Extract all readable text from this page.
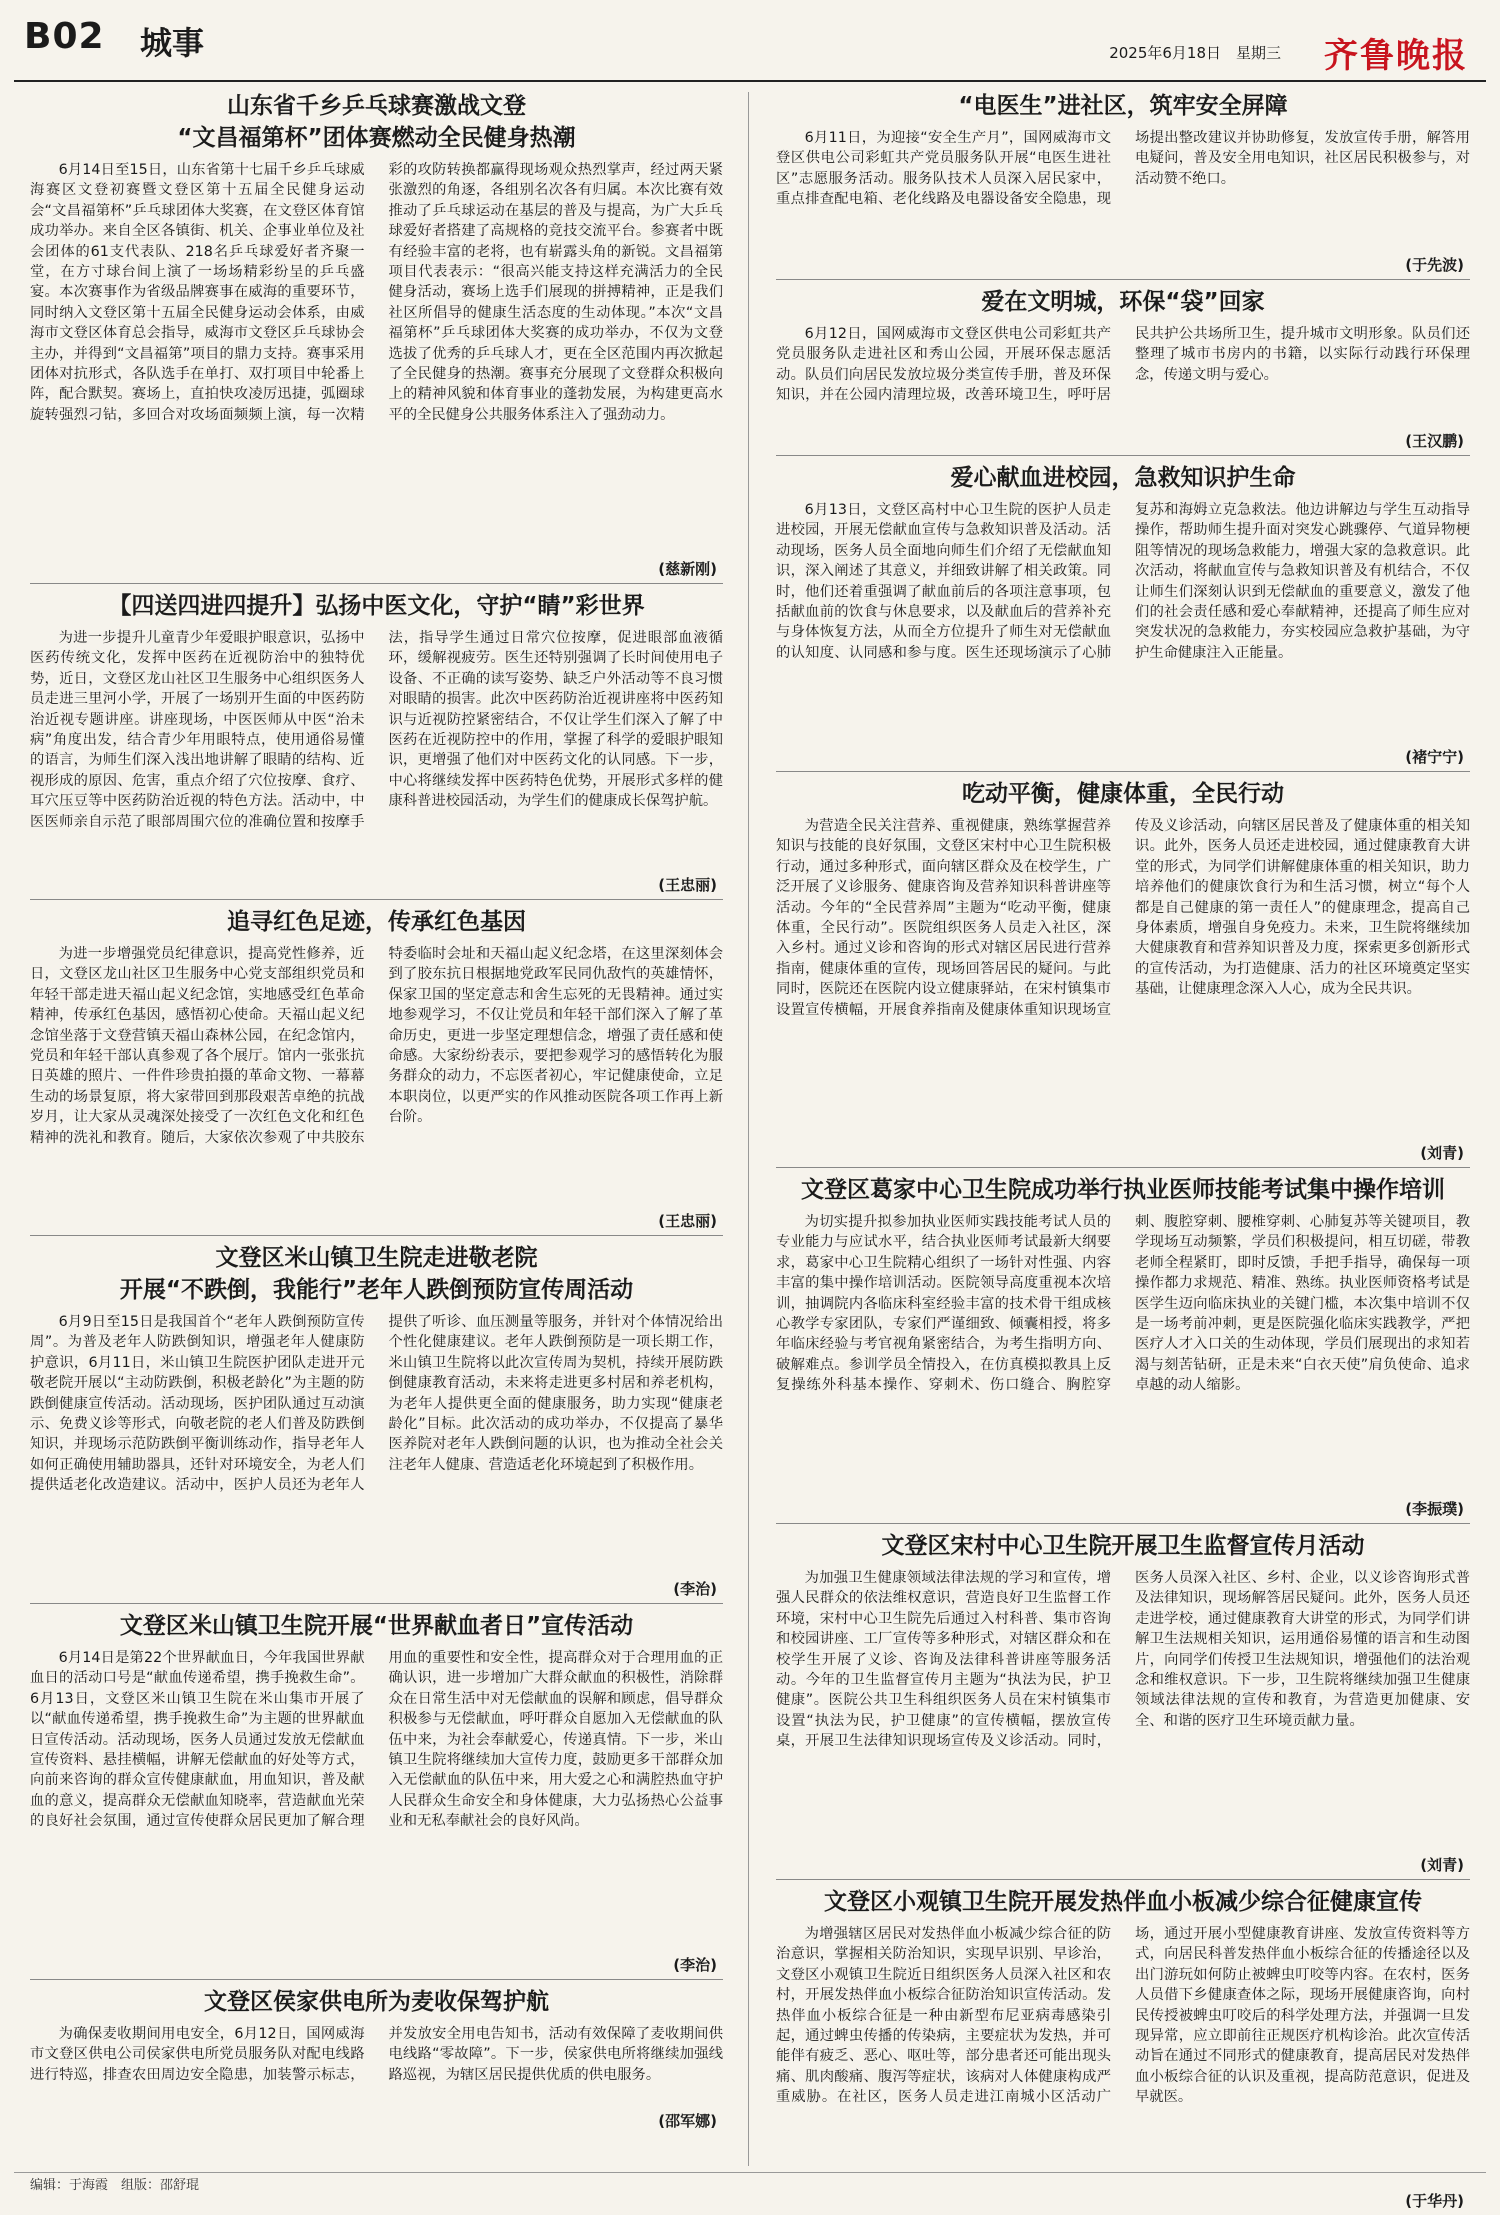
B02 城事	2025年6月18日 星期三 齐鲁晚报
山东省千乡乒乓球赛激战文登
“文昌福第杯”团体赛燃动全民健身热潮
6月14日至15日，山东省第十七届千乡乒乓球威海赛区文登初赛暨文登区第十五届全民健身运动会“文昌福第杯”乒乓球团体大奖赛，在文登区体育馆成功举办。来自全区各镇街、机关、企事业单位及社会团体的61支代表队、218名乒乓球爱好者齐聚一堂，在方寸球台间上演了一场场精彩纷呈的乒乓盛宴。本次赛事作为省级品牌赛事在威海的重要环节，同时纳入文登区第十五届全民健身运动会体系，由威海市文登区体育总会指导，威海市文登区乒乓球协会主办，并得到“文昌福第”项目的鼎力支持。赛事采用团体对抗形式，各队选手在单打、双打项目中轮番上阵，配合默契。赛场上，直拍快攻凌厉迅捷，弧圈球旋转强烈刁钻，多回合对攻场面频频上演，每一次精彩的攻防转换都赢得现场观众热烈掌声，经过两天紧张激烈的角逐，各组别名次各有归属。本次比赛有效推动了乒乓球运动在基层的普及与提高，为广大乒乓球爱好者搭建了高规格的竞技交流平台。参赛者中既有经验丰富的老将，也有崭露头角的新锐。文昌福第项目代表表示：“很高兴能支持这样充满活力的全民健身活动，赛场上选手们展现的拼搏精神，正是我们社区所倡导的健康生活态度的生动体现。”本次“文昌福第杯”乒乓球团体大奖赛的成功举办，不仅为文登选拔了优秀的乒乓球人才，更在全区范围内再次掀起了全民健身的热潮。赛事充分展现了文登群众积极向上的精神风貌和体育事业的蓬勃发展，为构建更高水平的全民健身公共服务体系注入了强劲动力。
(慈新刚)
【四送四进四提升】弘扬中医文化，守护“睛”彩世界
为进一步提升儿童青少年爱眼护眼意识，弘扬中医药传统文化，发挥中医药在近视防治中的独特优势，近日，文登区龙山社区卫生服务中心组织医务人员走进三里河小学，开展了一场别开生面的中医药防治近视专题讲座。讲座现场，中医医师从中医“治未病”角度出发，结合青少年用眼特点，使用通俗易懂的语言，为师生们深入浅出地讲解了眼睛的结构、近视形成的原因、危害，重点介绍了穴位按摩、食疗、耳穴压豆等中医药防治近视的特色方法。活动中，中医医师亲自示范了眼部周围穴位的准确位置和按摩手法，指导学生通过日常穴位按摩，促进眼部血液循环，缓解视疲劳。医生还特别强调了长时间使用电子设备、不正确的读写姿势、缺乏户外活动等不良习惯对眼睛的损害。此次中医药防治近视讲座将中医药知识与近视防控紧密结合，不仅让学生们深入了解了中医药在近视防控中的作用，掌握了科学的爱眼护眼知识，更增强了他们对中医药文化的认同感。下一步，中心将继续发挥中医药特色优势，开展形式多样的健康科普进校园活动，为学生们的健康成长保驾护航。
(王忠丽)
追寻红色足迹，传承红色基因
为进一步增强党员纪律意识，提高党性修养，近日，文登区龙山社区卫生服务中心党支部组织党员和年轻干部走进天福山起义纪念馆，实地感受红色革命精神，传承红色基因，感悟初心使命。天福山起义纪念馆坐落于文登营镇天福山森林公园，在纪念馆内，党员和年轻干部认真参观了各个展厅。馆内一张张抗日英雄的照片、一件件珍贵拍摄的革命文物、一幕幕生动的场景复原，将大家带回到那段艰苦卓绝的抗战岁月，让大家从灵魂深处接受了一次红色文化和红色精神的洗礼和教育。随后，大家依次参观了中共胶东特委临时会址和天福山起义纪念塔，在这里深刻体会到了胶东抗日根据地党政军民同仇敌忾的英雄情怀，保家卫国的坚定意志和舍生忘死的无畏精神。通过实地参观学习，不仅让党员和年轻干部们深入了解了革命历史，更进一步坚定理想信念，增强了责任感和使命感。大家纷纷表示，要把参观学习的感悟转化为服务群众的动力，不忘医者初心，牢记健康使命，立足本职岗位，以更严实的作风推动医院各项工作再上新台阶。
(王忠丽)
文登区米山镇卫生院走进敬老院
开展“不跌倒，我能行”老年人跌倒预防宣传周活动
6月9日至15日是我国首个“老年人跌倒预防宣传周”。为普及老年人防跌倒知识，增强老年人健康防护意识，6月11日，米山镇卫生院医护团队走进开元敬老院开展以“主动防跌倒，积极老龄化”为主题的防跌倒健康宣传活动。活动现场，医护团队通过互动演示、免费义诊等形式，向敬老院的老人们普及防跌倒知识，并现场示范防跌倒平衡训练动作，指导老年人如何正确使用辅助器具，还针对环境安全，为老人们提供适老化改造建议。活动中，医护人员还为老年人提供了听诊、血压测量等服务，并针对个体情况给出个性化健康建议。老年人跌倒预防是一项长期工作，米山镇卫生院将以此次宣传周为契机，持续开展防跌倒健康教育活动，未来将走进更多村居和养老机构，为老年人提供更全面的健康服务，助力实现“健康老龄化”目标。此次活动的成功举办，不仅提高了暴华医养院对老年人跌倒问题的认识，也为推动全社会关注老年人健康、营造适老化环境起到了积极作用。
(李治)
文登区米山镇卫生院开展“世界献血者日”宣传活动
6月14日是第22个世界献血日，今年我国世界献血日的活动口号是“献血传递希望，携手挽救生命”。6月13日，文登区米山镇卫生院在米山集市开展了以“献血传递希望，携手挽救生命”为主题的世界献血日宣传活动。活动现场，医务人员通过发放无偿献血宣传资料、悬挂横幅，讲解无偿献血的好处等方式，向前来咨询的群众宣传健康献血，用血知识，普及献血的意义，提高群众无偿献血知晓率，营造献血光荣的良好社会氛围，通过宣传使群众居民更加了解合理用血的重要性和安全性，提高群众对于合理用血的正确认识，进一步增加广大群众献血的积极性，消除群众在日常生活中对无偿献血的误解和顾虑，倡导群众积极参与无偿献血，呼吁群众自愿加入无偿献血的队伍中来，为社会奉献爱心，传递真情。下一步，米山镇卫生院将继续加大宣传力度，鼓励更多干部群众加入无偿献血的队伍中来，用大爱之心和满腔热血守护人民群众生命安全和身体健康，大力弘扬热心公益事业和无私奉献社会的良好风尚。
(李治)
文登区侯家供电所为麦收保驾护航
为确保麦收期间用电安全，6月12日，国网威海市文登区供电公司侯家供电所党员服务队对配电线路进行特巡，排查农田周边安全隐患，加装警示标志，并发放安全用电告知书，活动有效保障了麦收期间供电线路“零故障”。下一步，侯家供电所将继续加强线路巡视，为辖区居民提供优质的供电服务。
(邵军娜)
“电医生”进社区，筑牢安全屏障
6月11日，为迎接“安全生产月”，国网威海市文登区供电公司彩虹共产党员服务队开展“电医生进社区”志愿服务活动。服务队技术人员深入居民家中，重点排查配电箱、老化线路及电器设备安全隐患，现场提出整改建议并协助修复，发放宣传手册，解答用电疑问，普及安全用电知识，社区居民积极参与，对活动赞不绝口。
(于先波)
爱在文明城，环保“袋”回家
6月12日，国网威海市文登区供电公司彩虹共产党员服务队走进社区和秀山公园，开展环保志愿活动。队员们向居民发放垃圾分类宣传手册，普及环保知识，并在公园内清理垃圾，改善环境卫生，呼吁居民共护公共场所卫生，提升城市文明形象。队员们还整理了城市书房内的书籍，以实际行动践行环保理念，传递文明与爱心。
(王汉鹏)
爱心献血进校园，急救知识护生命
6月13日，文登区高村中心卫生院的医护人员走进校园，开展无偿献血宣传与急救知识普及活动。活动现场，医务人员全面地向师生们介绍了无偿献血知识，深入阐述了其意义，并细致讲解了相关政策。同时，他们还着重强调了献血前后的各项注意事项，包括献血前的饮食与休息要求，以及献血后的营养补充与身体恢复方法，从而全方位提升了师生对无偿献血的认知度、认同感和参与度。医生还现场演示了心肺复苏和海姆立克急救法。他边讲解边与学生互动指导操作，帮助师生提升面对突发心跳骤停、气道异物梗阻等情况的现场急救能力，增强大家的急救意识。此次活动，将献血宣传与急救知识普及有机结合，不仅让师生们深刻认识到无偿献血的重要意义，激发了他们的社会责任感和爱心奉献精神，还提高了师生应对突发状况的急救能力，夯实校园应急救护基础，为守护生命健康注入正能量。
(褚宁宁)
吃动平衡，健康体重，全民行动
为营造全民关注营养、重视健康，熟练掌握营养知识与技能的良好氛围，文登区宋村中心卫生院积极行动，通过多种形式，面向辖区群众及在校学生，广泛开展了义诊服务、健康咨询及营养知识科普讲座等活动。今年的“全民营养周”主题为“吃动平衡，健康体重，全民行动”。医院组织医务人员走入社区，深入乡村。通过义诊和咨询的形式对辖区居民进行营养指南，健康体重的宣传，现场回答居民的疑问。与此同时，医院还在医院内设立健康驿站，在宋村镇集市设置宣传横幅，开展食养指南及健康体重知识现场宣传及义诊活动，向辖区居民普及了健康体重的相关知识。此外，医务人员还走进校园，通过健康教育大讲堂的形式，为同学们讲解健康体重的相关知识，助力培养他们的健康饮食行为和生活习惯，树立“每个人都是自己健康的第一责任人”的健康理念，提高自己身体素质，增强自身免疫力。未来，卫生院将继续加大健康教育和营养知识普及力度，探索更多创新形式的宣传活动，为打造健康、活力的社区环境奠定坚实基础，让健康理念深入人心，成为全民共识。
(刘青)
文登区葛家中心卫生院成功举行执业医师技能考试集中操作培训
为切实提升拟参加执业医师实践技能考试人员的专业能力与应试水平，结合执业医师考试最新大纲要求，葛家中心卫生院精心组织了一场针对性强、内容丰富的集中操作培训活动。医院领导高度重视本次培训，抽调院内各临床科室经验丰富的技术骨干组成核心教学专家团队，专家们严谨细致、倾囊相授，将多年临床经验与考官视角紧密结合，为考生指明方向、破解难点。参训学员全情投入，在仿真模拟教具上反复操练外科基本操作、穿刺术、伤口缝合、胸腔穿刺、腹腔穿刺、腰椎穿刺、心肺复苏等关键项目，教学现场互动频繁，学员们积极提问，相互切磋，带教老师全程紧盯，即时反馈，手把手指导，确保每一项操作都力求规范、精准、熟练。执业医师资格考试是医学生迈向临床执业的关键门槛，本次集中培训不仅是一场考前冲刺，更是医院强化临床实践教学，严把医疗人才入口关的生动体现，学员们展现出的求知若渴与刻苦钻研，正是未来“白衣天使”肩负使命、追求卓越的动人缩影。
(李振璞)
文登区宋村中心卫生院开展卫生监督宣传月活动
为加强卫生健康领域法律法规的学习和宣传，增强人民群众的依法维权意识，营造良好卫生监督工作环境，宋村中心卫生院先后通过入村科普、集市咨询和校园讲座、工厂宣传等多种形式，对辖区群众和在校学生开展了义诊、咨询及法律科普讲座等服务活动。今年的卫生监督宣传月主题为“执法为民，护卫健康”。医院公共卫生科组织医务人员在宋村镇集市设置“执法为民，护卫健康”的宣传横幅，摆放宣传桌，开展卫生法律知识现场宣传及义诊活动。同时，医务人员深入社区、乡村、企业，以义诊咨询形式普及法律知识，现场解答居民疑问。此外，医务人员还走进学校，通过健康教育大讲堂的形式，为同学们讲解卫生法规相关知识，运用通俗易懂的语言和生动图片，向同学们传授卫生法规知识，增强他们的法治观念和维权意识。下一步，卫生院将继续加强卫生健康领域法律法规的宣传和教育，为营造更加健康、安全、和谐的医疗卫生环境贡献力量。
(刘青)
文登区小观镇卫生院开展发热伴血小板减少综合征健康宣传
为增强辖区居民对发热伴血小板减少综合征的防治意识，掌握相关防治知识，实现早识别、早诊治，文登区小观镇卫生院近日组织医务人员深入社区和农村，开展发热伴血小板综合征防治知识宣传活动。发热伴血小板综合征是一种由新型布尼亚病毒感染引起，通过蜱虫传播的传染病，主要症状为发热，并可能伴有疲乏、恶心、呕吐等，部分患者还可能出现头痛、肌肉酸痛、腹泻等症状，该病对人体健康构成严重威胁。在社区，医务人员走进江南城小区活动广场，通过开展小型健康教育讲座、发放宣传资料等方式，向居民科普发热伴血小板综合征的传播途径以及出门游玩如何防止被蜱虫叮咬等内容。在农村，医务人员借下乡健康查体之际，现场开展健康咨询，向村民传授被蜱虫叮咬后的科学处理方法，并强调一旦发现异常，应立即前往正规医疗机构诊治。此次宣传活动旨在通过不同形式的健康教育，提高居民对发热伴血小板综合征的认识及重视，提高防范意识，促进及早就医。
(于华丹)
编辑：于海霞　组版：邵舒琨
